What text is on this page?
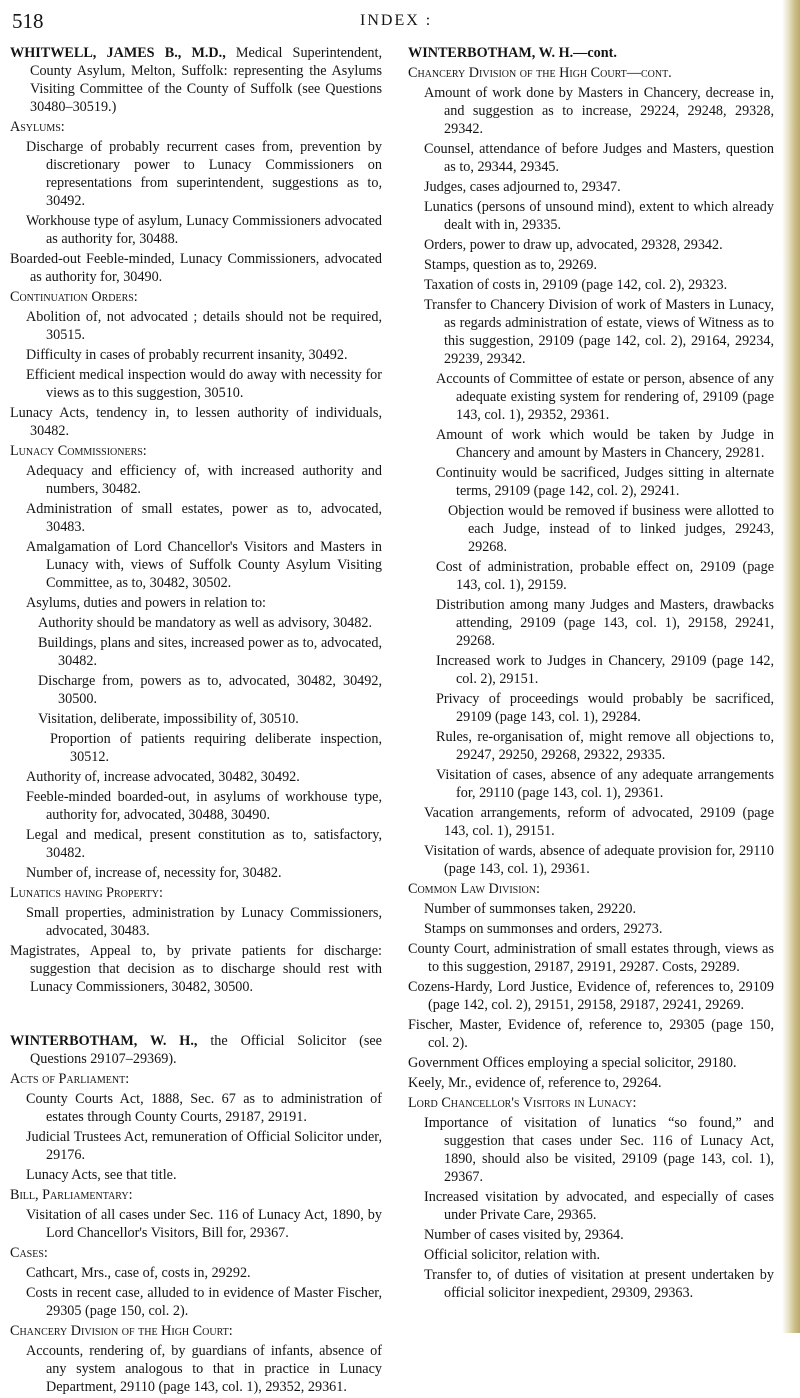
518	INDEX :

WHITWELL, JAMES B., M.D., Medical Superintendent, County Asylum, Melton, Suffolk: representing the Asylums Visiting Committee of the County of Suffolk (see Questions 30480–30519.)

Asylums:

Discharge of probably recurrent cases from, prevention by discretionary power to Lunacy Commissioners on representations from superintendent, suggestions as to, 30492.

Workhouse type of asylum, Lunacy Commissioners advocated as authority for, 30488.

Boarded-out Feeble-minded, Lunacy Commissioners, advocated as authority for, 30490.

Continuation Orders:

Abolition of, not advocated ; details should not be required, 30515.

Difficulty in cases of probably recurrent insanity, 30492.

Efficient medical inspection would do away with necessity for views as to this suggestion, 30510.

Lunacy Acts, tendency in, to lessen authority of individuals, 30482.

Lunacy Commissioners:

Adequacy and efficiency of, with increased authority and numbers, 30482.

Administration of small estates, power as to, advocated, 30483.

Amalgamation of Lord Chancellor's Visitors and Masters in Lunacy with, views of Suffolk County Asylum Visiting Committee, as to, 30482, 30502.

Asylums, duties and powers in relation to:

Authority should be mandatory as well as advisory, 30482.

Buildings, plans and sites, increased power as to, advocated, 30482.

Discharge from, powers as to, advocated, 30482, 30492, 30500.

Visitation, deliberate, impossibility of, 30510.

Proportion of patients requiring deliberate inspection, 30512.

Authority of, increase advocated, 30482, 30492.

Feeble-minded boarded-out, in asylums of workhouse type, authority for, advocated, 30488, 30490.

Legal and medical, present constitution as to, satisfactory, 30482.

Number of, increase of, necessity for, 30482.

Lunatics having Property:

Small properties, administration by Lunacy Commissioners, advocated, 30483.

Magistrates, Appeal to, by private patients for discharge: suggestion that decision as to discharge should rest with Lunacy Commissioners, 30482, 30500.

WINTERBOTHAM, W. H., the Official Solicitor (see Questions 29107–29369).

Acts of Parliament:

County Courts Act, 1888, Sec. 67 as to administration of estates through County Courts, 29187, 29191.

Judicial Trustees Act, remuneration of Official Solicitor under, 29176.

Lunacy Acts, see that title.

Bill, Parliamentary:

Visitation of all cases under Sec. 116 of Lunacy Act, 1890, by Lord Chancellor's Visitors, Bill for, 29367.

Cases:

Cathcart, Mrs., case of, costs in, 29292.

Costs in recent case, alluded to in evidence of Master Fischer, 29305 (page 150, col. 2).

Chancery Division of the High Court:

Accounts, rendering of, by guardians of infants, absence of any system analogous to that in practice in Lunacy Department, 29110 (page 143, col. 1), 29352, 29361.

WINTERBOTHAM, W. H.—cont.

Chancery Division of the High Court—cont.

Amount of work done by Masters in Chancery, decrease in, and suggestion as to increase, 29224, 29248, 29328, 29342.

Counsel, attendance of before Judges and Masters, question as to, 29344, 29345.

Judges, cases adjourned to, 29347.

Lunatics (persons of unsound mind), extent to which already dealt with in, 29335.

Orders, power to draw up, advocated, 29328, 29342.

Stamps, question as to, 29269.

Taxation of costs in, 29109 (page 142, col. 2), 29323.

Transfer to Chancery Division of work of Masters in Lunacy, as regards administration of estate, views of Witness as to this suggestion, 29109 (page 142, col. 2), 29164, 29234, 29239, 29342.

Accounts of Committee of estate or person, absence of any adequate existing system for rendering of, 29109 (page 143, col. 1), 29352, 29361.

Amount of work which would be taken by Judge in Chancery and amount by Masters in Chancery, 29281.

Continuity would be sacrificed, Judges sitting in alternate terms, 29109 (page 142, col. 2), 29241.

Objection would be removed if business were allotted to each Judge, instead of to linked judges, 29243, 29268.

Cost of administration, probable effect on, 29109 (page 143, col. 1), 29159.

Distribution among many Judges and Masters, drawbacks attending, 29109 (page 143, col. 1), 29158, 29241, 29268.

Increased work to Judges in Chancery, 29109 (page 142, col. 2), 29151.

Privacy of proceedings would probably be sacrificed, 29109 (page 143, col. 1), 29284.

Rules, re-organisation of, might remove all objections to, 29247, 29250, 29268, 29322, 29335.

Visitation of cases, absence of any adequate arrangements for, 29110 (page 143, col. 1), 29361.

Vacation arrangements, reform of advocated, 29109 (page 143, col. 1), 29151.

Visitation of wards, absence of adequate provision for, 29110 (page 143, col. 1), 29361.

Common Law Division:

Number of summonses taken, 29220.

Stamps on summonses and orders, 29273.

County Court, administration of small estates through, views as to this suggestion, 29187, 29191, 29287. Costs, 29289.

Cozens-Hardy, Lord Justice, Evidence of, references to, 29109 (page 142, col. 2), 29151, 29158, 29187, 29241, 29269.

Fischer, Master, Evidence of, reference to, 29305 (page 150, col. 2).

Government Offices employing a special solicitor, 29180.

Keely, Mr., evidence of, reference to, 29264.

Lord Chancellor's Visitors in Lunacy:

Importance of visitation of lunatics “so found,” and suggestion that cases under Sec. 116 of Lunacy Act, 1890, should also be visited, 29109 (page 143, col. 1), 29367.

Increased visitation by advocated, and especially of cases under Private Care, 29365.

Number of cases visited by, 29364.

Official solicitor, relation with.

Transfer to, of duties of visitation at present undertaken by official solicitor inexpedient, 29309, 29363.
